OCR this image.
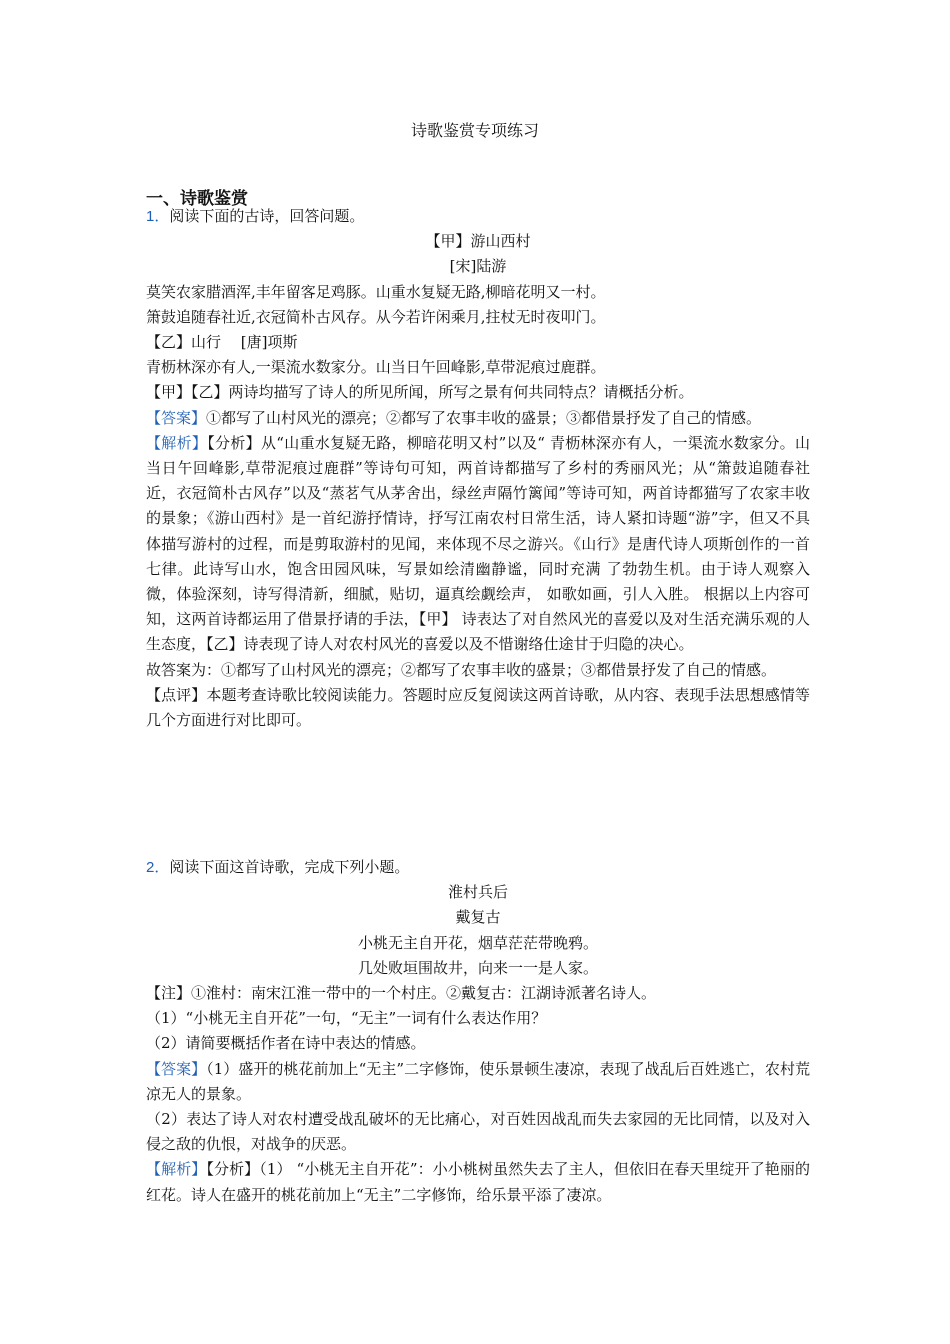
诗歌鉴赏专项练习
一、诗歌鉴赏

1．阅读下面的古诗，回答问题。

【甲】游山西村

[宋]陆游

莫笑农家腊酒浑,丰年留客足鸡豚。山重水复疑无路,柳暗花明又一村。

箫鼓追随春社近,衣冠简朴古风存。从今若许闲乘月,拄杖无时夜叩门。

【乙】山行　 [唐]项斯

青枥林深亦有人,一渠流水数家分。山当日午回峰影,草带泥痕过鹿群。

【甲】【乙】两诗均描写了诗人的所见所闻，所写之景有何共同特点？请概括分析。

【答案】①都写了山村风光的漂亮；②都写了农事丰收的盛景；③都借景抒发了自己的情感。

【解析】【分析】从“山重水复疑无路，柳暗花明又村”以及“ 青枥林深亦有人，一渠流水数家分。山当日午回峰影,草带泥痕过鹿群”等诗句可知，两首诗都描写了乡村的秀丽风光；从“箫鼓追随春社近，衣冠简朴古风存”以及“蒸茗气从茅舍出，绿丝声隔竹篱闻”等诗可知，两首诗都猫写了农家丰收的景象；《游山西村》是一首纪游抒情诗，抒写江南农村日常生活，诗人紧扣诗题“游”字，但又不具体描写游村的过程，而是剪取游村的见闻，来体现不尽之游兴。《山行》是唐代诗人项斯创作的一首七律。此诗写山水，饱含田园风味，写景如绘清幽静谧，同时充满 了勃勃生机。由于诗人观察入微，体验深刻，诗写得清新，细腻，贴切，逼真绘觑绘声， 如歌如画，引人入胜。 根据以上内容可知，这两首诗都运用了借景抒请的手法，【甲】 诗表达了对自然风光的喜爱以及对生活充满乐观的人生态度，【乙】诗表现了诗人对农村风光的喜爱以及不惜谢络仕途甘于归隐的决心。

故答案为：①都写了山村风光的漂亮；②都写了农事丰收的盛景；③都借景抒发了自己的情感。

【点评】本题考查诗歌比较阅读能力。答题时应反复阅读这两首诗歌，从内容、表现手法思想感情等几个方面进行对比即可。

2．阅读下面这首诗歌，完成下列小题。

淮村兵后

戴复古

小桃无主自开花，烟草茫茫带晚鸦。

几处败垣围故井，向来一一是人家。

【注】①淮村：南宋江淮一带中的一个村庄。②戴复古：江湖诗派著名诗人。

（1）“小桃无主自开花”一句，“无主”一词有什么表达作用？

（2）请简要概括作者在诗中表达的情感。

【答案】（1）盛开的桃花前加上“无主”二字修饰，使乐景顿生凄凉，表现了战乱后百姓逃亡，农村荒凉无人的景象。

（2）表达了诗人对农村遭受战乱破坏的无比痛心，对百姓因战乱而失去家园的无比同情，以及对入侵之敌的仇恨，对战争的厌恶。

【解析】【分析】（1） “小桃无主自开花”：小小桃树虽然失去了主人，但依旧在春天里绽开了艳丽的红花。诗人在盛开的桃花前加上“无主”二字修饰，给乐景平添了凄凉。
